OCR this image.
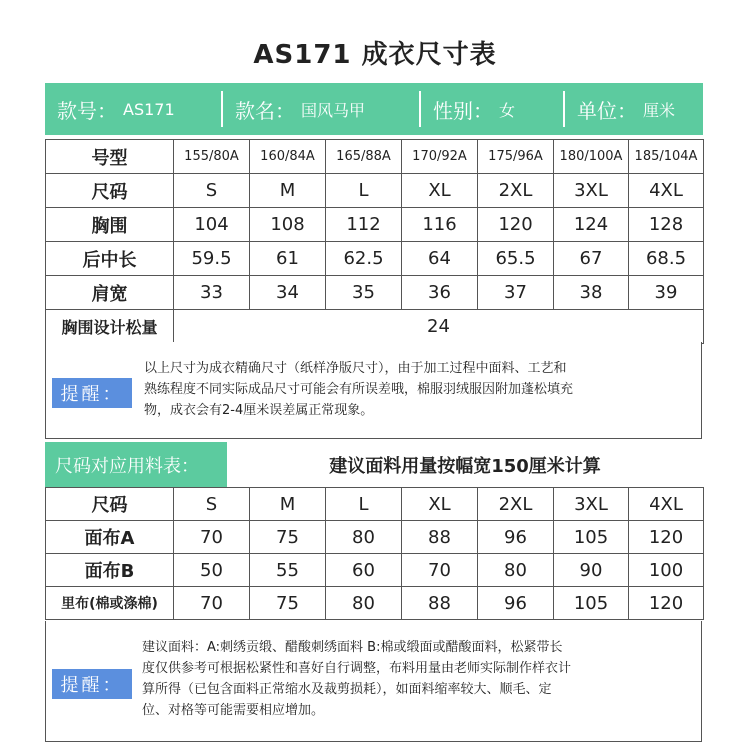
AS171 成衣尺寸表
款号： AS171	款名： 国风马甲	性别： 女	单位： 厘米
号型	155/80A	160/84A	165/88A	170/92A	175/96A	180/100A	185/104A
尺码	S	M	L	XL	2XL	3XL	4XL
胸围	104	108	112	116	120	124	128
后中长	59.5	61	62.5	64	65.5	67	68.5
肩宽	33	34	35	36	37	38	39
胸围设计松量	24						
提醒：
以上尺寸为成衣精确尺寸（纸样净版尺寸），由于加工过程中面料、工艺和
熟练程度不同实际成品尺寸可能会有所误差哦，棉服羽绒服因附加蓬松填充
物，成衣会有2-4厘米误差属正常现象。
尺码对应用料表：	建议面料用量按幅宽150厘米计算
尺码	S	M	L	XL	2XL	3XL	4XL
面布A	70	75	80	88	96	105	120
面布B	50	55	60	70	80	90	100
里布(棉或涤棉)	70	75	80	88	96	105	120
提醒：
建议面料：A:刺绣贡缎、醋酸刺绣面料 B:棉或缎面或醋酸面料，松紧带长
度仅供参考可根据松紧性和喜好自行调整，布料用量由老师实际制作样衣计
算所得（已包含面料正常缩水及裁剪损耗），如面料缩率较大、顺毛、定
位、对格等可能需要相应增加。
